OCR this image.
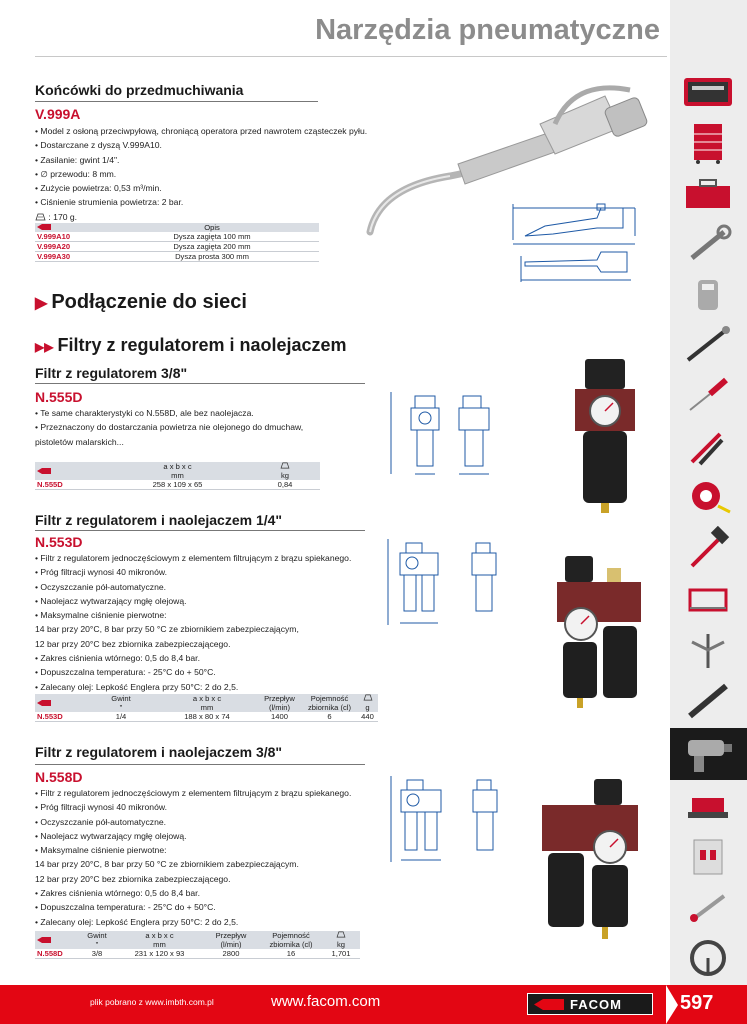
Narzędzia pneumatyczne
Końcówki do przedmuchiwania
V.999A
• Model z osłoną przeciwpyłową, chroniącą operatora przed nawrotem cząsteczek pyłu.
• Dostarczane z dyszą V.999A10.
• Zasilanie: gwint 1/4".
• ∅ przewodu: 8 mm.
• Zużycie powietrza: 0,53 m³/min.
• Ciśnienie strumienia powietrza: 2 bar.
: 170 g.
	Opis
V.999A10	Dysza zagięta 100 mm
V.999A20	Dysza zagięta 200 mm
V.999A30	Dysza prosta 300 mm
▶ Podłączenie do sieci
▶▶ Filtry z regulatorem i naolejaczem
Filtr z regulatorem 3/8"
N.555D
• Te same charakterystyki co N.558D, ale bez naolejacza.
• Przeznaczony do dostarczania powietrza nie olejonego do dmuchaw,
pistoletów malarskich...
	a x b x c	
	mm	kg
N.555D	258 x 109 x 65	0,84
Filtr z regulatorem i naolejaczem 1/4"
N.553D
• Filtr z regulatorem jednoczęściowym z elementem filtrującym z brązu spiekanego.
• Próg filtracji wynosi 40 mikronów.
• Oczyszczanie pół-automatyczne.
• Naolejacz wytwarzający mgłę olejową.
• Maksymalne ciśnienie pierwotne:
14 bar przy 20°C, 8 bar przy 50 °C ze zbiornikiem zabezpieczającym,
12 bar przy 20°C bez zbiornika zabezpieczającego.
• Zakres ciśnienia wtórnego: 0,5 do 8,4 bar.
• Dopuszczalna temperatura: - 25°C do + 50°C.
• Zalecany olej: Lepkość Englera przy 50°C: 2 do 2,5.
	Gwint	a x b x c	Przepływ	Pojemność	
	"	mm	(l/min)	zbiornika (cl)	g
N.553D	1/4	188 x 80 x 74	1400	6	440
Filtr z regulatorem i naolejaczem 3/8"
N.558D
• Filtr z regulatorem jednoczęściowym z elementem filtrującym z brązu spiekanego.
• Próg filtracji wynosi 40 mikronów.
• Oczyszczanie pół-automatyczne.
• Naolejacz wytwarzający mgłę olejową.
• Maksymalne ciśnienie pierwotne:
14 bar przy 20°C, 8 bar przy 50 °C ze zbiornikiem zabezpieczającym.
12 bar przy 20°C bez zbiornika zabezpieczającego.
• Zakres ciśnienia wtórnego: 0,5 do 8,4 bar.
• Dopuszczalna temperatura: - 25°C do + 50°C.
• Zalecany olej: Lepkość Englera przy 50°C: 2 do 2,5.
	Gwint	a x b x c	Przepływ	Pojemność	
	"	mm	(l/min)	zbiornika (cl)	kg
N.558D	3/8	231 x 120 x 93	2800	16	1,701
plik pobrano z www.imbth.com.pl	www.facom.com	FACOM	597
